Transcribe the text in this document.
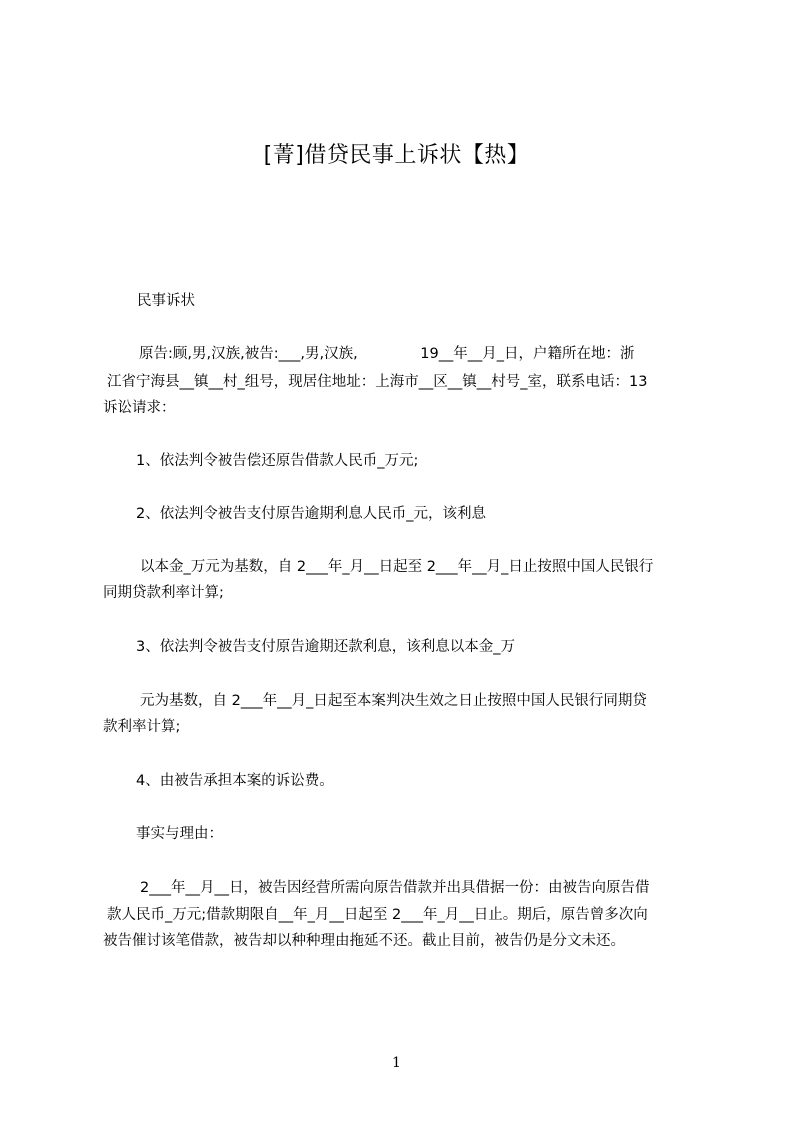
[菁]借贷民事上诉状【热】
民事诉状
原告:顾,男,汉族,被告:___,男,汉族,　　　　 19__年__月_日，户籍所在地：浙
江省宁海县__镇__村_组号，现居住地址：上海市__区__镇__村号_室，联系电话：13
诉讼请求：
1、依法判令被告偿还原告借款人民币_万元;
2、依法判令被告支付原告逾期利息人民币_元，该利息
以本金_万元为基数，自 2___年_月__日起至 2___年__月_日止按照中国人民银行
同期贷款利率计算;
3、依法判令被告支付原告逾期还款利息，该利息以本金_万
元为基数，自 2___年__月_日起至本案判决生效之日止按照中国人民银行同期贷
款利率计算;
4、由被告承担本案的诉讼费。
事实与理由：
2___年__月__日，被告因经营所需向原告借款并出具借据一份：由被告向原告借
款人民币_万元;借款期限自__年_月__日起至 2___年_月__日止。期后，原告曾多次向
被告催讨该笔借款，被告却以种种理由拖延不还。截止目前，被告仍是分文未还。
1
